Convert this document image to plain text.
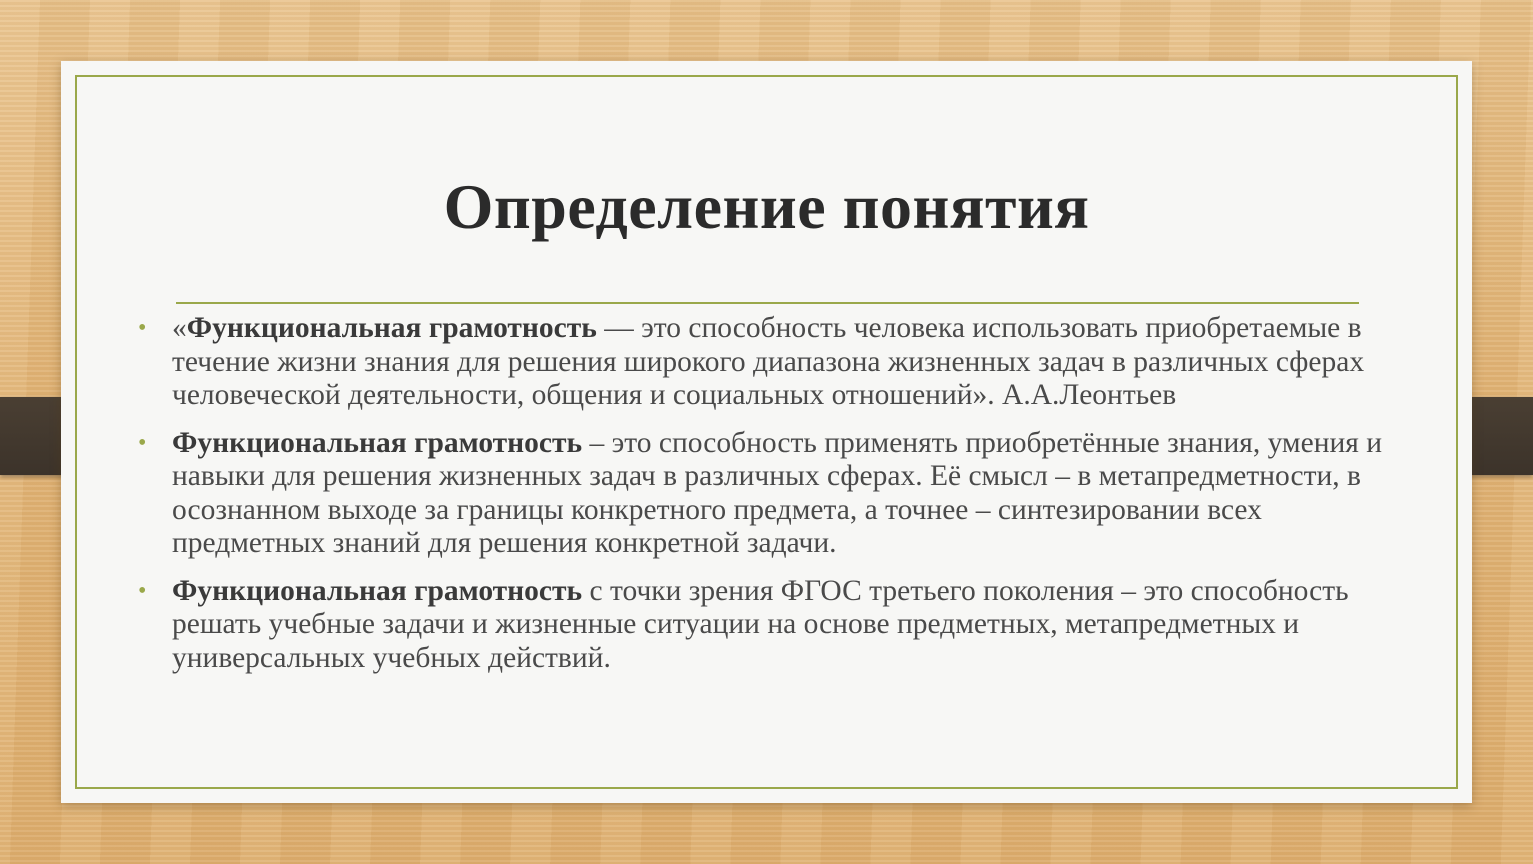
Определение понятия

• «Функциональная грамотность — это способность человека использовать приобретаемые в течение жизни знания для решения широкого диапазона жизненных задач в различных сферах человеческой деятельности, общения и социальных отношений». А.А.Леонтьев

• Функциональная грамотность – это способность применять приобретённые знания, умения и навыки для решения жизненных задач в различных сферах. Её смысл – в метапредметности, в осознанном выходе за границы конкретного предмета, а точнее – синтезировании всех предметных знаний для решения конкретной задачи.

• Функциональная грамотность с точки зрения ФГОС третьего поколения – это способность решать учебные задачи и жизненные ситуации на основе предметных, метапредметных и универсальных учебных действий.
